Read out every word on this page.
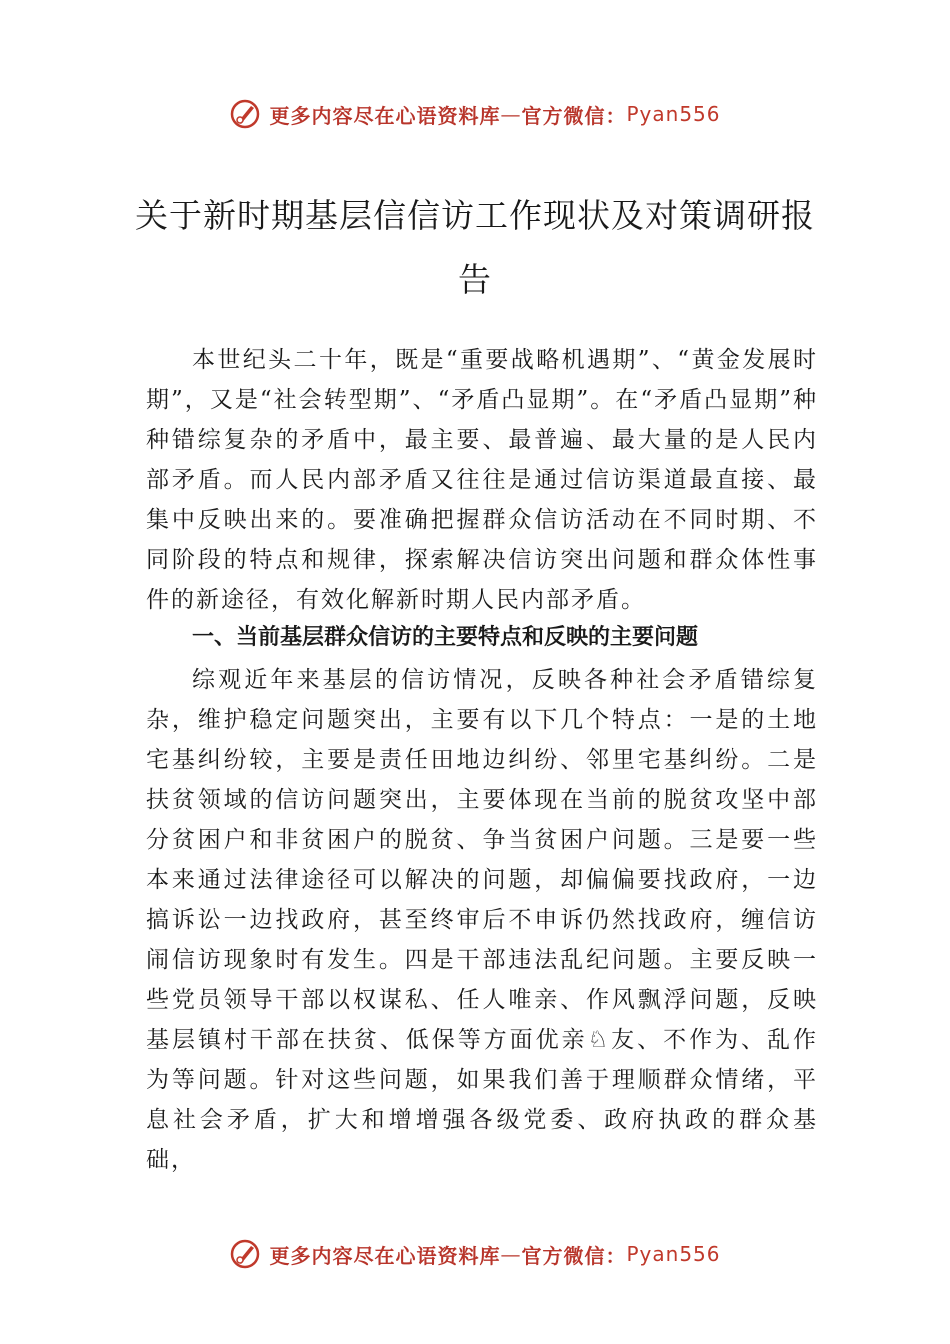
更多内容尽在心语资料库 — 官方微信： Pyan556
关于新时期基层信信访工作现状及对策调研报告

本世纪头二十年，既是“重要战略机遇期”、“黄金发展时期”，又是“社会转型期”、“矛盾凸显期”。在“矛盾凸显期”种种错综复杂的矛盾中，最主要、最普遍、最大量的是人民内部矛盾。而人民内部矛盾又往往是通过信访渠道最直接、最集中反映出来的。要准确把握群众信访活动在不同时期、不同阶段的特点和规律，探索解决信访突出问题和群众体性事件的新途径，有效化解新时期人民内部矛盾。

一、当前基层群众信访的主要特点和反映的主要问题

综观近年来基层的信访情况，反映各种社会矛盾错综复杂，维护稳定问题突出，主要有以下几个特点：一是的土地宅基纠纷较，主要是责任田地边纠纷、邻里宅基纠纷。二是扶贫领域的信访问题突出，主要体现在当前的脱贫攻坚中部分贫困户和非贫困户的脱贫、争当贫困户问题。三是要一些本来通过法律途径可以解决的问题，却偏偏要找政府，一边搞诉讼一边找政府，甚至终审后不申诉仍然找政府，缠信访闹信访现象时有发生。四是干部违法乱纪问题。主要反映一些党员领导干部以权谋私、任人唯亲、作风飘浮问题，反映基层镇村干部在扶贫、低保等方面优亲♘友、不作为、乱作为等问题。针对这些问题，如果我们善于理顺群众情绪，平息社会矛盾，扩大和增增强各级党委、政府执政的群众基础，

更多内容尽在心语资料库 — 官方微信： Pyan556
